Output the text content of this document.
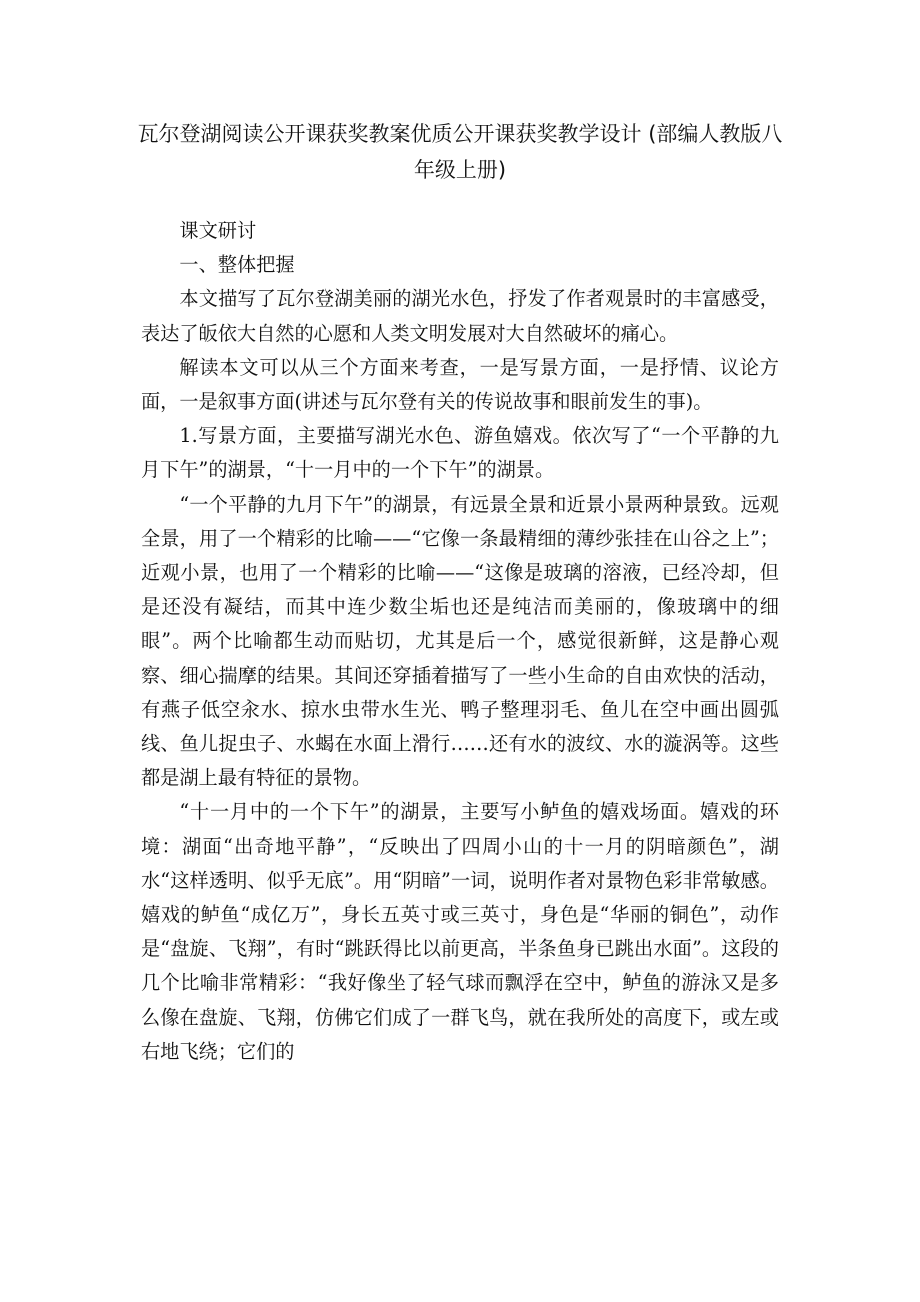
瓦尔登湖阅读公开课获奖教案优质公开课获奖教学设计 (部编人教版八年级上册)

课文研讨

一、整体把握

本文描写了瓦尔登湖美丽的湖光水色，抒发了作者观景时的丰富感受，表达了皈依大自然的心愿和人类文明发展对大自然破坏的痛心。

解读本文可以从三个方面来考查，一是写景方面，一是抒情、议论方面，一是叙事方面(讲述与瓦尔登有关的传说故事和眼前发生的事)。

1.写景方面，主要描写湖光水色、游鱼嬉戏。依次写了“一个平静的九月下午”的湖景，“十一月中的一个下午”的湖景。

“一个平静的九月下午”的湖景，有远景全景和近景小景两种景致。远观全景，用了一个精彩的比喻——“它像一条最精细的薄纱张挂在山谷之上”；近观小景，也用了一个精彩的比喻——“这像是玻璃的溶液，已经冷却，但是还没有凝结，而其中连少数尘垢也还是纯洁而美丽的，像玻璃中的细眼”。两个比喻都生动而贴切，尤其是后一个，感觉很新鲜，这是静心观察、细心揣摩的结果。其间还穿插着描写了一些小生命的自由欢快的活动，有燕子低空汆水、掠水虫带水生光、鸭子整理羽毛、鱼儿在空中画出圆弧线、鱼儿捉虫子、水蝎在水面上滑行……还有水的波纹、水的漩涡等。这些都是湖上最有特征的景物。

“十一月中的一个下午”的湖景，主要写小鲈鱼的嬉戏场面。嬉戏的环境：湖面“出奇地平静”，“反映出了四周小山的十一月的阴暗颜色”，湖水“这样透明、似乎无底”。用“阴暗”一词，说明作者对景物色彩非常敏感。嬉戏的鲈鱼“成亿万”，身长五英寸或三英寸，身色是“华丽的铜色”，动作是“盘旋、飞翔”，有时“跳跃得比以前更高，半条鱼身已跳出水面”。这段的几个比喻非常精彩：“我好像坐了轻气球而飘浮在空中，鲈鱼的游泳又是多么像在盘旋、飞翔，仿佛它们成了一群飞鸟，就在我所处的高度下，或左或右地飞绕；它们的
